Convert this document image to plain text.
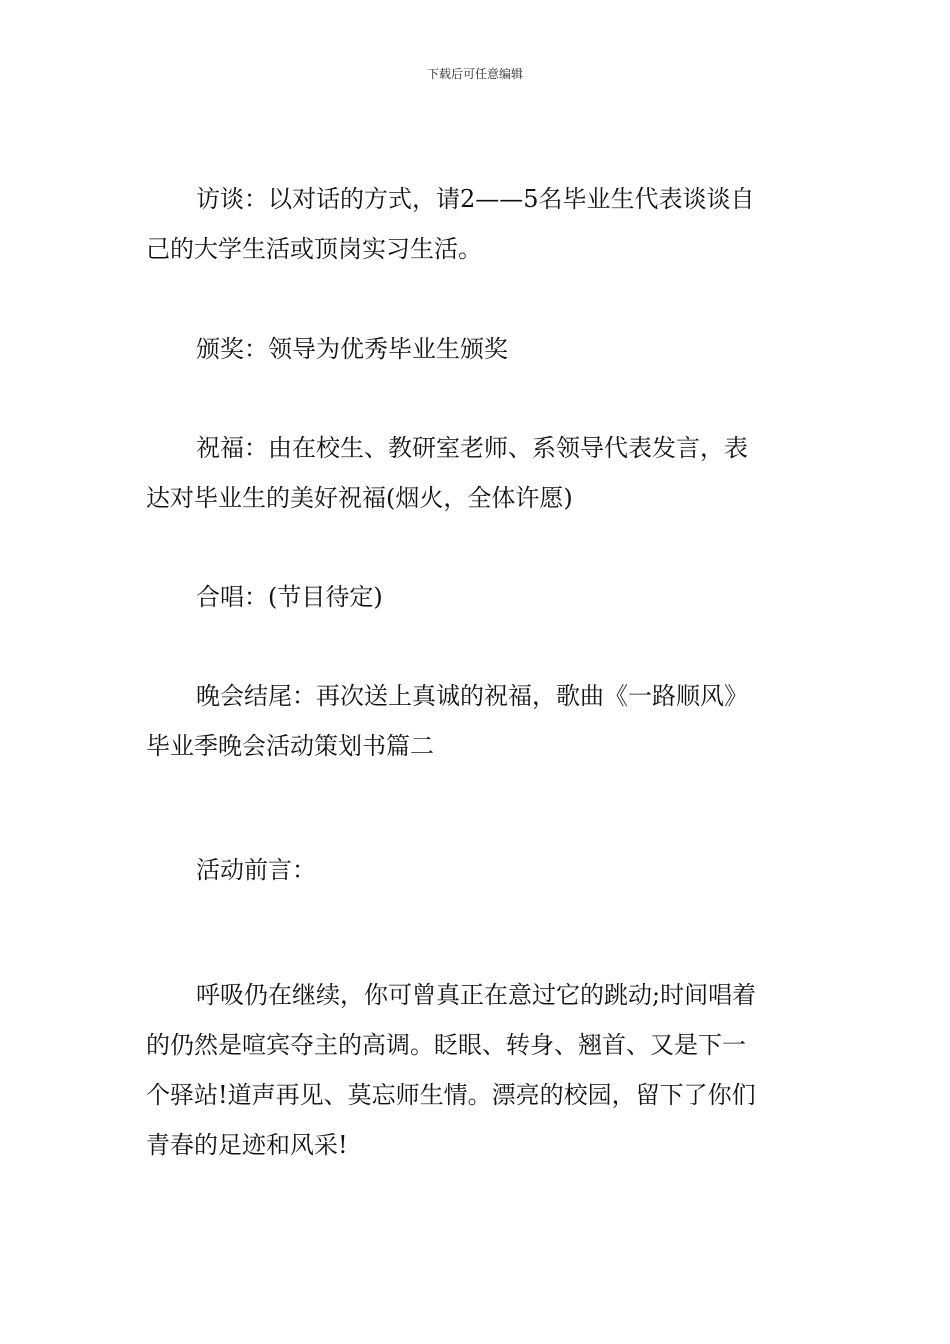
下载后可任意编辑
访谈：以对话的方式，请2——5名毕业生代表谈谈自
己的大学生活或顶岗实习生活。
颁奖：领导为优秀毕业生颁奖
祝福：由在校生、教研室老师、系领导代表发言，表
达对毕业生的美好祝福(烟火，全体许愿)
合唱：(节目待定)
晚会结尾：再次送上真诚的祝福，歌曲《一路顺风》
毕业季晚会活动策划书篇二
活动前言：
呼吸仍在继续，你可曾真正在意过它的跳动;时间唱着
的仍然是喧宾夺主的高调。眨眼、转身、翘首、又是下一
个驿站!道声再见、莫忘师生情。漂亮的校园，留下了你们
青春的足迹和风采!
